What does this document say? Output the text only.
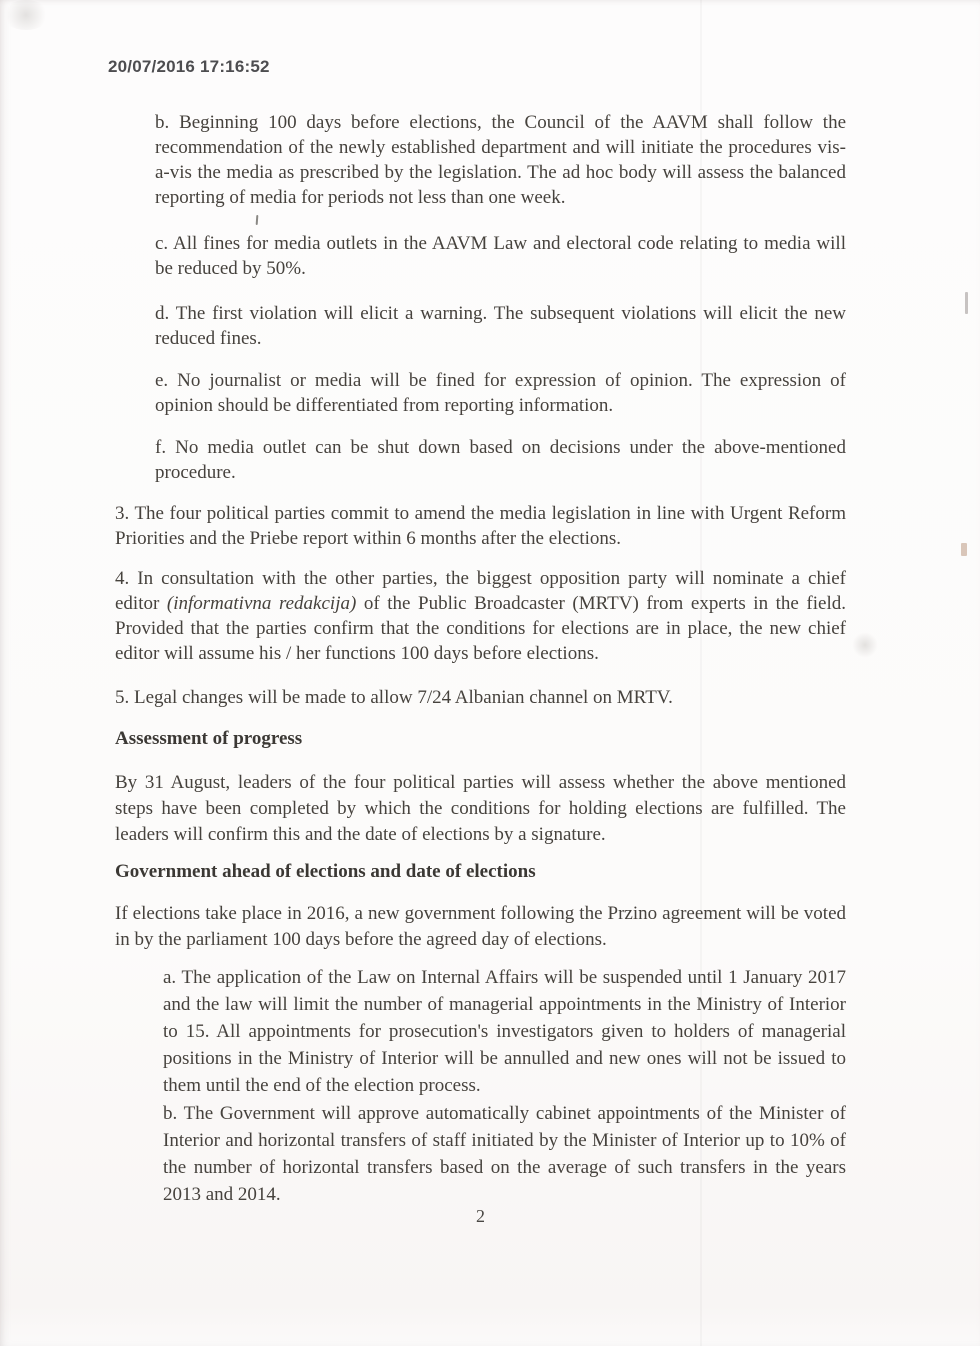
20/07/2016 17:16:52
b. Beginning 100 days before elections, the Council of the AAVM shall follow the recommendation of the newly established department and will initiate the procedures vis-a-vis the media as prescribed by the legislation. The ad hoc body will assess the balanced reporting of media for periods not less than one week.
c. All fines for media outlets in the AAVM Law and electoral code relating to media will be reduced by 50%.
d. The first violation will elicit a warning. The subsequent violations will elicit the new reduced fines.
e. No journalist or media will be fined for expression of opinion. The expression of opinion should be differentiated from reporting information.
f. No media outlet can be shut down based on decisions under the above-mentioned procedure.
3. The four political parties commit to amend the media legislation in line with Urgent Reform Priorities and the Priebe report within 6 months after the elections.
4. In consultation with the other parties, the biggest opposition party will nominate a chief editor (informativna redakcija) of the Public Broadcaster (MRTV) from experts in the field. Provided that the parties confirm that the conditions for elections are in place, the new chief editor will assume his / her functions 100 days before elections.
5. Legal changes will be made to allow 7/24 Albanian channel on MRTV.
Assessment of progress
By 31 August, leaders of the four political parties will assess whether the above mentioned steps have been completed by which the conditions for holding elections are fulfilled. The leaders will confirm this and the date of elections by a signature.
Government ahead of elections and date of elections
If elections take place in 2016, a new government following the Przino agreement will be voted in by the parliament 100 days before the agreed day of elections.
a. The application of the Law on Internal Affairs will be suspended until 1 January 2017 and the law will limit the number of managerial appointments in the Ministry of Interior to 15. All appointments for prosecution's investigators given to holders of managerial positions in the Ministry of Interior will be annulled and new ones will not be issued to them until the end of the election process.
b. The Government will approve automatically cabinet appointments of the Minister of Interior and horizontal transfers of staff initiated by the Minister of Interior up to 10% of the number of horizontal transfers based on the average of such transfers in the years 2013 and 2014.
2
